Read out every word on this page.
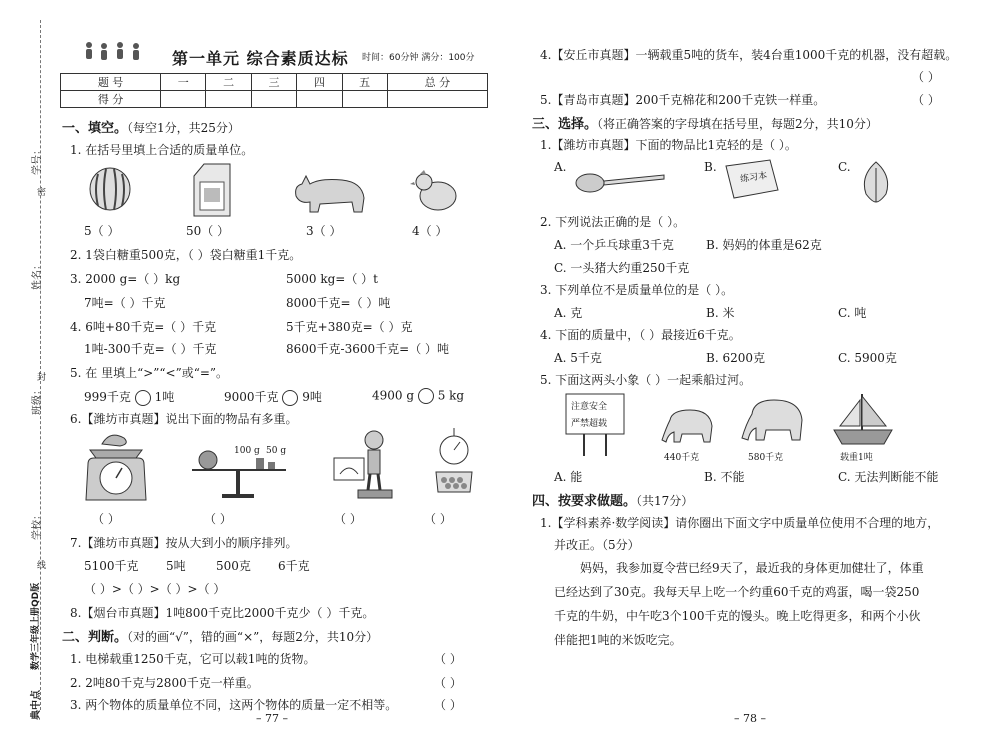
学号：
密
姓名：
封
班级：
学校：
线
数学三年级上册QD版
典中点
第一单元 综合素质达标 时间：60分钟 满分：100分
题 号	一	二	三	四	五	总 分
得 分						
一、填空。（每空1分，共25分）
1. 在括号里填上合适的质量单位。
5（ ）	50（ ）	3（ ）	4（ ）
2. 1袋白糖重500克，（ ）袋白糖重1千克。
3. 2000 g=（ ）kg	5000 kg=（ ）t
7吨=（ ）千克	8000千克=（ ）吨
4. 6吨+80千克=（ ）千克	5千克+380克=（ ）克
1吨-300千克=（ ）千克	8600千克-3600千克=（ ）吨
5. 在 里填上“>”“<”或“=”。
999千克 1吨	9000千克 9吨	4900 g 5 kg
6.【潍坊市真题】说出下面的物品有多重。
100 g 50 g
（ ）	（ ）	（ ）	（ ）
7.【潍坊市真题】按从大到小的顺序排列。
5100千克 5吨	500克 6千克
（ ）>（ ）>（ ）>（ ）
8.【烟台市真题】1吨800千克比2000千克少（ ）千克。
二、判断。（对的画“√”，错的画“×”，每题2分，共10分）
1. 电梯载重1250千克，它可以载1吨的货物。	（ ）
2. 2吨80千克与2800千克一样重。	（ ）
3. 两个物体的质量单位不同，这两个物体的质量一定不相等。	（ ）
– 77 –
4.【安丘市真题】一辆载重5吨的货车，装4台重1000千克的机器，没有超载。
（ ）
5.【青岛市真题】200千克棉花和200千克铁一样重。	（ ）
三、选择。（将正确答案的字母填在括号里，每题2分，共10分）
1.【潍坊市真题】下面的物品比1克轻的是（ ）。
A.	B.	C.
练习本
2. 下列说法正确的是（ ）。
A. 一个乒乓球重3千克	B. 妈妈的体重是62克
C. 一头猪大约重250千克
3. 下列单位不是质量单位的是（ ）。
A. 克	B. 米	C. 吨
4. 下面的质量中，（ ）最接近6千克。
A. 5千克	B. 6200克	C. 5900克
5. 下面这两头小象（ ）一起乘船过河。
注意安全
严禁超载
440千克	580千克	载重1吨
A. 能	B. 不能	C. 无法判断能不能
四、按要求做题。（共17分）
1.【学科素养·数学阅读】请你圈出下面文字中质量单位使用不合理的地方，
并改正。（5分）
妈妈，我参加夏令营已经9天了，最近我的身体更加健壮了，体重
已经达到了30克。我每天早上吃一个约重60千克的鸡蛋，喝一袋250
千克的牛奶，中午吃3个100千克的馒头。晚上吃得更多，和两个小伙
伴能把1吨的米饭吃完。
– 78 –
